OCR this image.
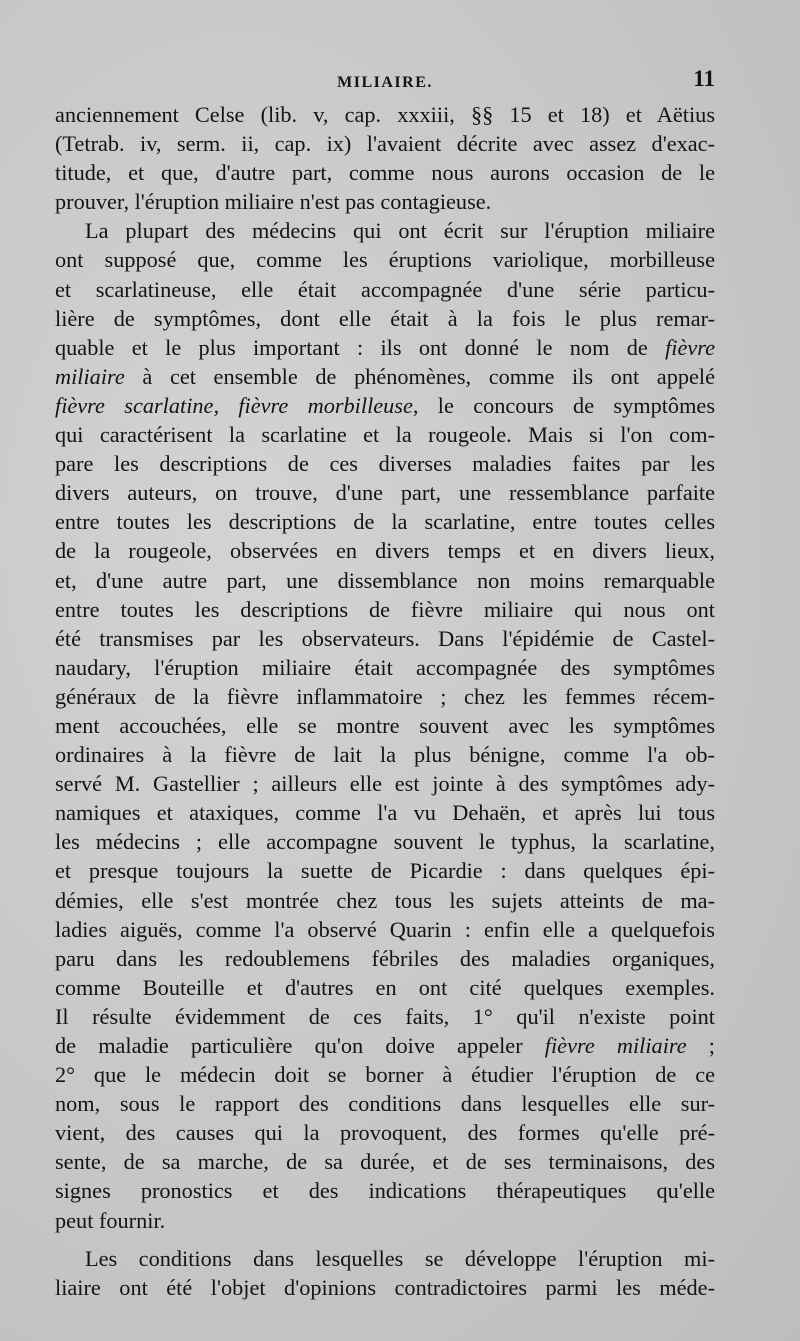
MILIAIRE.	11
anciennement Celse (lib. v, cap. xxxiii, §§ 15 et 18) et Aëtius
(Tetrab. iv, serm. ii, cap. ix) l'avaient décrite avec assez d'exac-
titude, et que, d'autre part, comme nous aurons occasion de le
prouver, l'éruption miliaire n'est pas contagieuse.
La plupart des médecins qui ont écrit sur l'éruption miliaire
ont supposé que, comme les éruptions variolique, morbilleuse
et scarlatineuse, elle était accompagnée d'une série particu-
lière de symptômes, dont elle était à la fois le plus remar-
quable et le plus important : ils ont donné le nom de fièvre
miliaire à cet ensemble de phénomènes, comme ils ont appelé
fièvre scarlatine, fièvre morbilleuse, le concours de symptômes
qui caractérisent la scarlatine et la rougeole. Mais si l'on com-
pare les descriptions de ces diverses maladies faites par les
divers auteurs, on trouve, d'une part, une ressemblance parfaite
entre toutes les descriptions de la scarlatine, entre toutes celles
de la rougeole, observées en divers temps et en divers lieux,
et, d'une autre part, une dissemblance non moins remarquable
entre toutes les descriptions de fièvre miliaire qui nous ont
été transmises par les observateurs. Dans l'épidémie de Castel-
naudary, l'éruption miliaire était accompagnée des symptômes
généraux de la fièvre inflammatoire ; chez les femmes récem-
ment accouchées, elle se montre souvent avec les symptômes
ordinaires à la fièvre de lait la plus bénigne, comme l'a ob-
servé M. Gastellier ; ailleurs elle est jointe à des symptômes ady-
namiques et ataxiques, comme l'a vu Dehaën, et après lui tous
les médecins ; elle accompagne souvent le typhus, la scarlatine,
et presque toujours la suette de Picardie : dans quelques épi-
démies, elle s'est montrée chez tous les sujets atteints de ma-
ladies aiguës, comme l'a observé Quarin : enfin elle a quelquefois
paru dans les redoublemens fébriles des maladies organiques,
comme Bouteille et d'autres en ont cité quelques exemples.
Il résulte évidemment de ces faits, 1° qu'il n'existe point
de maladie particulière qu'on doive appeler fièvre miliaire ;
2° que le médecin doit se borner à étudier l'éruption de ce
nom, sous le rapport des conditions dans lesquelles elle sur-
vient, des causes qui la provoquent, des formes qu'elle pré-
sente, de sa marche, de sa durée, et de ses terminaisons, des
signes pronostics et des indications thérapeutiques qu'elle
peut fournir.
Les conditions dans lesquelles se développe l'éruption mi-
liaire ont été l'objet d'opinions contradictoires parmi les méde-
